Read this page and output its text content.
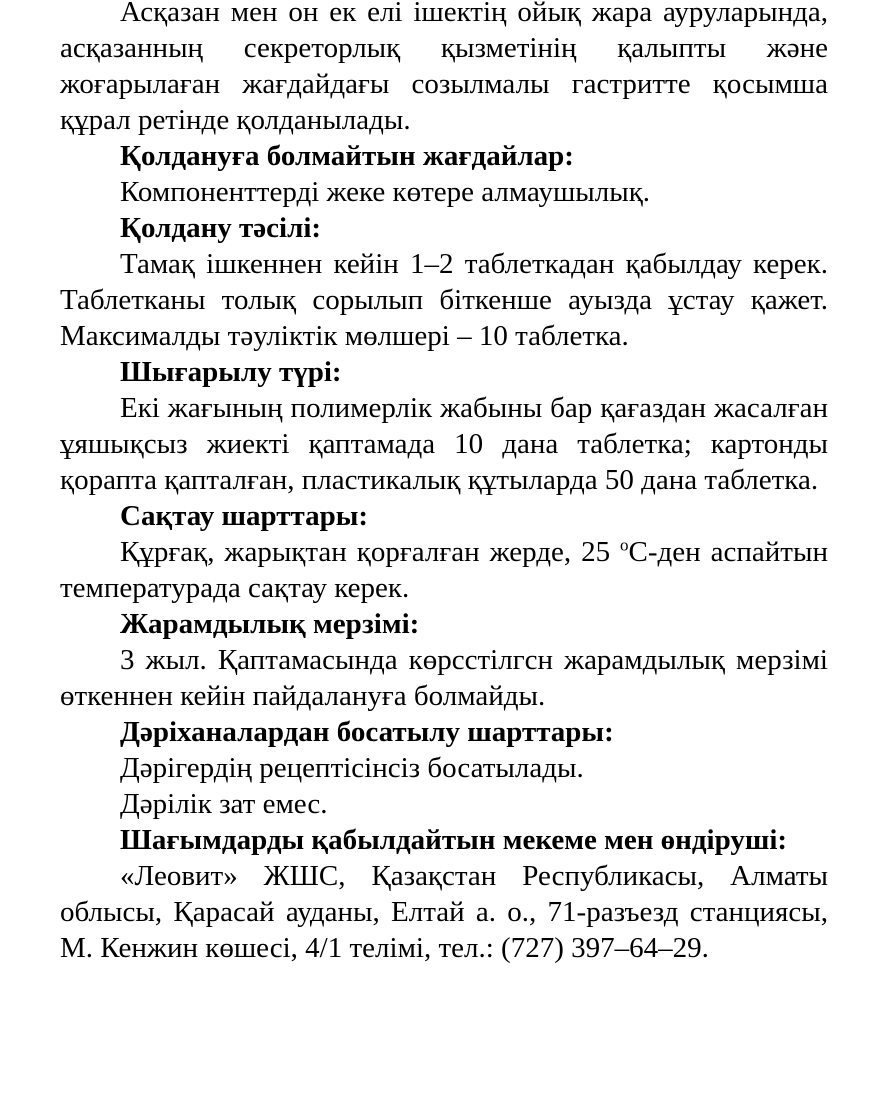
Асқазан мен он ек елі ішектің ойық жара ауруларында, асқазанның секреторлық қызметінің қалыпты және жоғарылаған жағдайдағы созылмалы гастритте қосымша құрал ретінде қолданылады.

Қолдануға болмайтын жағдайлар:

Компоненттерді жеке көтере алмаушылық.

Қолдану тәсілі:

Тамақ ішкеннен кейін 1–2 таблеткадан қабылдау керек. Таблетканы толық сорылып біткенше ауызда ұстау қажет. Максималды тәуліктік мөлшері – 10 таблетка.

Шығарылу түрі:

Екі жағының полимерлік жабыны бар қағаздан жасалған ұяшықсыз жиекті қаптамада 10 дана таблетка; картонды қорапта қапталған, пластикалық құтыларда 50 дана таблетка.

Сақтау шарттары:

Құрғақ, жарықтан қорғалған жерде, 25 $^о$С-ден аспайтын температурада сақтау керек.

Жарамдылық мерзімі:

3 жыл. Қаптамасында көрсстілгсн жарамдылық мерзімі өткеннен кейін пайдалануға болмайды.

Дәріханалардан босатылу шарттары:

Дәрігердің рецептісінсіз босатылады.

Дәрілік зат емес.

Шағымдарды қабылдайтын мекеме мен өндіруші:

«Леовит» ЖШС, Қазақстан Республикасы, Алматы облысы, Қарасай ауданы, Елтай а. о., 71-разъезд станциясы, М. Кенжин көшесі, 4/1 телімі, тел.: (727) 397–64–29.
